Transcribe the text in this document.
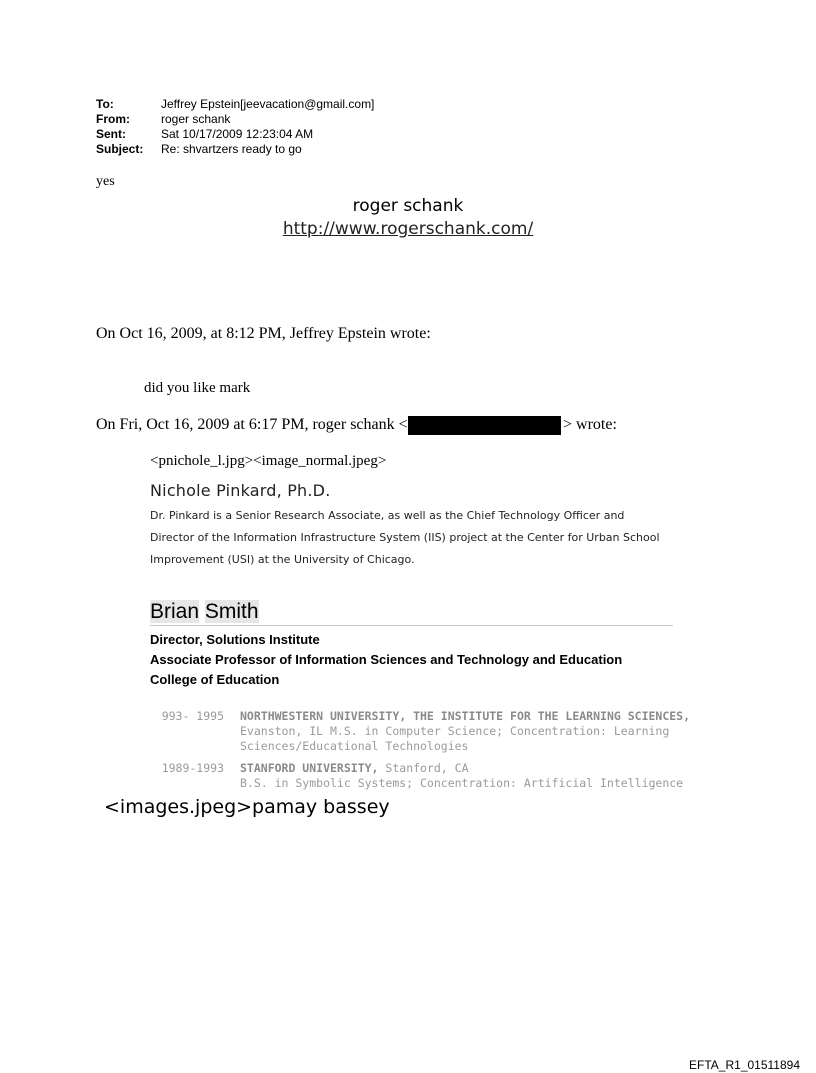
To:	Jeffrey Epstein[jeevacation@gmail.com]
From:	roger schank
Sent:	Sat 10/17/2009 12:23:04 AM
Subject: Re: shvartzers ready to go
yes
roger schank
http://www.rogerschank.com/
On Oct 16, 2009, at 8:12 PM, Jeffrey Epstein wrote:
did you like mark
On Fri, Oct 16, 2009 at 6:17 PM, roger schank <	> wrote:
<pnichole_l.jpg><image_normal.jpeg>
Nichole Pinkard, Ph.D.
Dr. Pinkard is a Senior Research Associate, as well as the Chief Technology Officer and Director of the Information Infrastructure System (IIS) project at the Center for Urban School Improvement (USI) at the University of Chicago.
Brian Smith
Director, Solutions Institute
Associate Professor of Information Sciences and Technology and Education
College of Education
993- 1995 NORTHWESTERN UNIVERSITY, THE INSTITUTE FOR THE LEARNING SCIENCES, Evanston, IL M.S. in Computer Science; Concentration: Learning Sciences/Educational Technologies
1989-1993 STANFORD UNIVERSITY, Stanford, CA
B.S. in Symbolic Systems; Concentration: Artificial Intelligence
<images.jpeg>pamay bassey
EFTA_R1_01511894
